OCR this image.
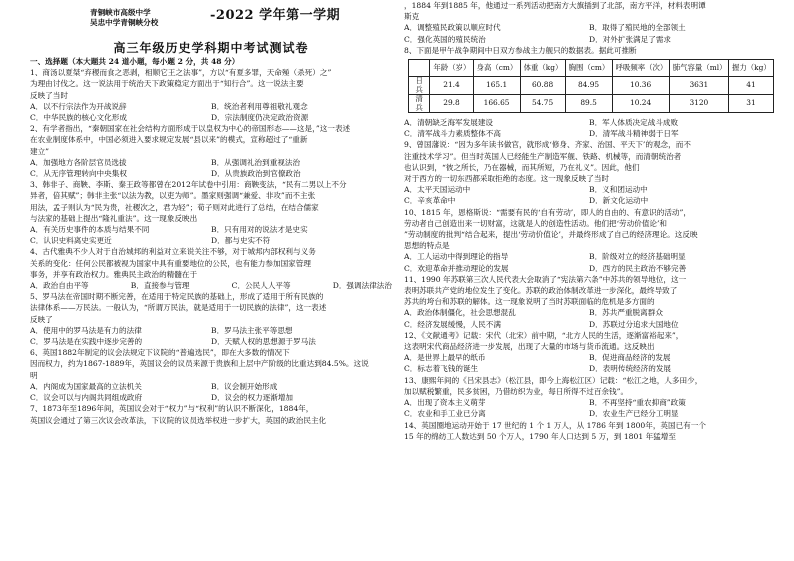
青铜峡市高级中学
吴忠中学青铜峡分校	-2022 学年第一学期
高三年级历史学科期中考试测试卷
一、选择题（本大题共 24 道小题，每小题 2 分，共 48 分）
1、商汤以夏桀“弃稷而食之恶剥，相顺它王之法事”，方以“有夏多罪，天命殛（杀死）之”
为理由讨伐之。这一说法用于统治天下政策稳定方面出于“知行合”。这一说法主要
反映了当时
A．以不行宗法作为开战说辞	B．统治者利用尊祖敬礼观念
C．中华民族的核心文化形成	D．宗法制度仍决定政治资源
2、有学者指出，“秦朝国家在社会结构方面形成于以皇权为中心的帝国形态——这是，”这一表述
在农业制度体系中，中国必须进入要求规定发展“县以来”的模式，宣称超过了“重新
建立”
A．加强地方各阶层官员选拔	B．从强调礼治到重视法治
C．从无序管理转向中央集权	D．从贵族政治到官僚政治
3、韩非子、商鞅、李斯、秦王政等都曾在2012年试卷中引用：商鞅变法，“民有二男以上不分
异者，倍其赋”；韩非主张“以法为教，以吏为师”。墨家则强调“兼爱、非攻”而不主张
用法，孟子则认为“民为贵，社稷次之，君为轻”；荀子则对此进行了总结，在结合儒家
与法家的基础上提出“隆礼重法”。这一现象反映出
A．有关历史事件的本质与结果不同	B．只有用对的说法才是史实
C．认识史料离史实更近	D．都与史实不符
4、古代雅典不少人对于自治城邦的利益对立来说关注不够，对于城邦内部权利与义务
关系的变化：任何公民都被视为国家中具有重要地位的公民，也有能力参加国家管理
事务，并享有政治权力。雅典民主政治的精髓在于
A．政治自由平等	B．直接参与管理	C．公民人人平等	D．强调法律法治
5、罗马法在帝国时期不断完善，在适用于特定民族的基础上，形成了适用于所有民族的
法律体系——万民法。一般认为，“所谓万民法，就是适用于一切民族的法律”，这一表述
反映了
A．使用中的罗马法是有力的法律	B．罗马法主张平等思想
C．罗马法是在实践中逐步完善的	D．天赋人权的思想源于罗马法
6、英国1882年制定的议会法规定下议院的“普遍选民”，即在大多数的情况下
因而权力，约为1867-1889年，英国议会的议员来源于贵族和上层中产阶级的比重达到84.5%。这说
明
A．内阁成为国家最高的立法机关	B．议会制开始形成
C．议会可以与内阁共同组成政府	D．议会的权力逐渐增加
7、1873年至1896年间，英国议会对于“权力”与“权利”的认识不断深化，1884年，
英国议会通过了第三次议会改革法，下议院的议员选举权进一步扩大，英国的政治民主化
，1884 年到1885 年，他通过一系列活动把南方大旗插到了北部，南方平洋，材料表明谭
斯克
A．调整殖民政策以顺应时代	B．取得了殖民地的全部领土
C．强化英国的殖民统治	D．对外扩张满足了需求
8、下面是甲午战争期间中日双方参战主力舰只的数据表。据此可推断
	年龄（岁）	身高（cm）	体重（kg）	胸围（cm）	呼吸频率（次）	肺气容量（ml）	握力（kg）
日兵	21.4	165.1	60.88	84.95	10.36	3631	41
清兵	29.8	166.65	54.75	89.5	10.24	3120	31
A．清朝缺乏海军发展建设	B．军人体质决定战斗成败
C．清军战斗力素质整体不高	D．清军战斗精神弱于日军
9、曾国藩说：“因为多年读书做官，就形成‘修身、齐家、治国、平天下’的观念，而不
注重技术学习”。但当时英国人已经能生产制造军舰、铁路、机械等，而清朝统治者
也认识到，“彼之所长，乃在器械，而其所短，乃在礼义”。因此，他们
对于西方的一切东西都采取拒绝的态度。这一现象反映了当时
A．太平天国运动中	B．义和团运动中
C．辛亥革命中	D．新文化运动中
10、1815 年，恩格斯说：“需要有民的‘自有劳动’，即人的自由的、有意识的活动”，
劳动者自己创造出来一切财富，这就是人的创造性活动。他们把‘劳动价值论’和
”劳动制度的批判“结合起来，提出‘劳动价值论’，并最终形成了自己的经济理论。这反映
思想的特点是
A．工人运动中得到理论的指导	B．阶级对立的经济基础明显
C．欢迎革命并推动理论的发展	D．西方的民主政治不够完善
11、1990 年苏联第三次人民代表大会取消了“宪法第六条”中苏共的领导地位，这一
表明苏联共产党的地位发生了变化。苏联的政治体制改革进一步深化，最终导致了
苏共的垮台和苏联的解体。这一现象说明了当时苏联面临的危机是多方面的
A．政治体制僵化，社会思想混乱	B．苏共严重脱离群众
C．经济发展缓慢，人民不满	D．苏联过分追求大国地位
12、《文献通考》记载：宋代（北宋）前中期，“北方人民的生活，逐渐富裕起来”，
这表明宋代商品经济进一步发展，出现了大量的市场与货币流通。这反映出
A．是世界上最早的纸币	B．促进商品经济的发展
C．标志着飞钱的诞生	D．表明传统经济的发展
13、康熙年间的《吕宋县志》（松江县，即今上海松江区）记载：“松江之地，人多田少，
加以赋税繁重，民多贫困，乃借纺织为业，每日所得不过百余钱”。
A．出现了资本主义萌芽	B．不再坚持“重农抑商”政策
C．农业和手工业已分离	D．农业生产已经分工明显
14、英国圈地运动开始于 17 世纪的 1 个 1 万人，从 1786 年到 1800年，英国已有一个
15 年的绵纺工人数达到 50 个万人，1790 年人口达到 5 万，到 1801 年猛增至
